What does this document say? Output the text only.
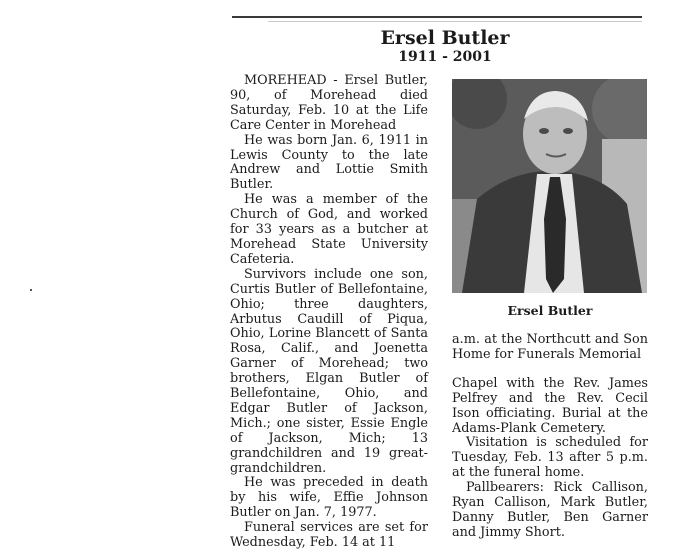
Ersel Butler
1911 - 2001

MOREHEAD - Ersel Butler, 90, of Morehead died Saturday, Feb. 10 at the Life Care Center in Morehead

He was born Jan. 6, 1911 in Lewis County to the late Andrew and Lottie Smith Butler.

He was a member of the Church of God, and worked for 33 years as a butcher at Morehead State University Cafeteria.

Survivors include one son, Curtis Butler of Bellefontaine, Ohio; three daughters, Arbutus Caudill of Piqua, Ohio, Lorine Blancett of Santa Rosa, Calif., and Joenetta Garner of Morehead; two brothers, Elgan Butler of Bellefontaine, Ohio, and Edgar Butler of Jackson, Mich.; one sister, Essie Engle of Jackson, Mich; 13 grandchildren and 19 great-grandchildren.

He was preceded in death by his wife, Effie Johnson Butler on Jan. 7, 1977.

Funeral services are set for Wednesday, Feb. 14 at 11

Ersel Butler

a.m. at the Northcutt and Son Home for Funerals Memorial

Chapel with the Rev. James Pelfrey and the Rev. Cecil Ison officiating. Burial at the Adams-Plank Cemetery.

Visitation is scheduled for Tuesday, Feb. 13 after 5 p.m. at the funeral home.

Pallbearers: Rick Callison, Ryan Callison, Mark Butler, Danny Butler, Ben Garner and Jimmy Short.
